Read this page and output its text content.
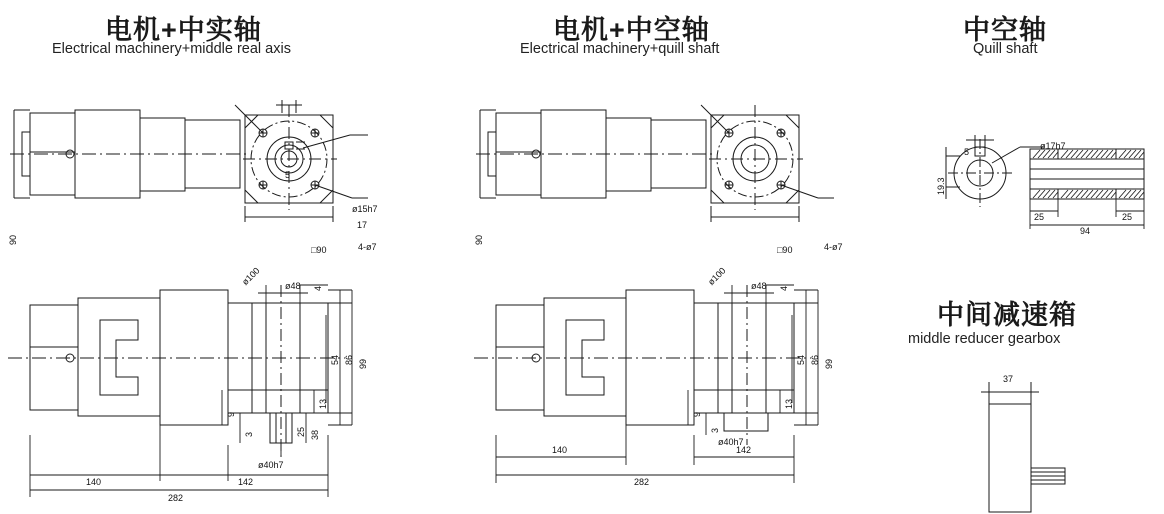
电机+中实轴
Electrical machinery+middle real axis
电机+中空轴
Electrical machinery+quill shaft
中空轴
Quill shaft
中间减速箱
middle reducer gearbox
□90
5
ø15h7
4-ø7
ø100
17
90
ø48 4
99
86
54
13
38
25
3
9
ø40h7
140	142
282
□90	4-ø7
ø100
90
ø48 4
99
86
54
13
3
9
ø40h7
140	142
282
5
ø17h7
19.3
25	25
94
37
